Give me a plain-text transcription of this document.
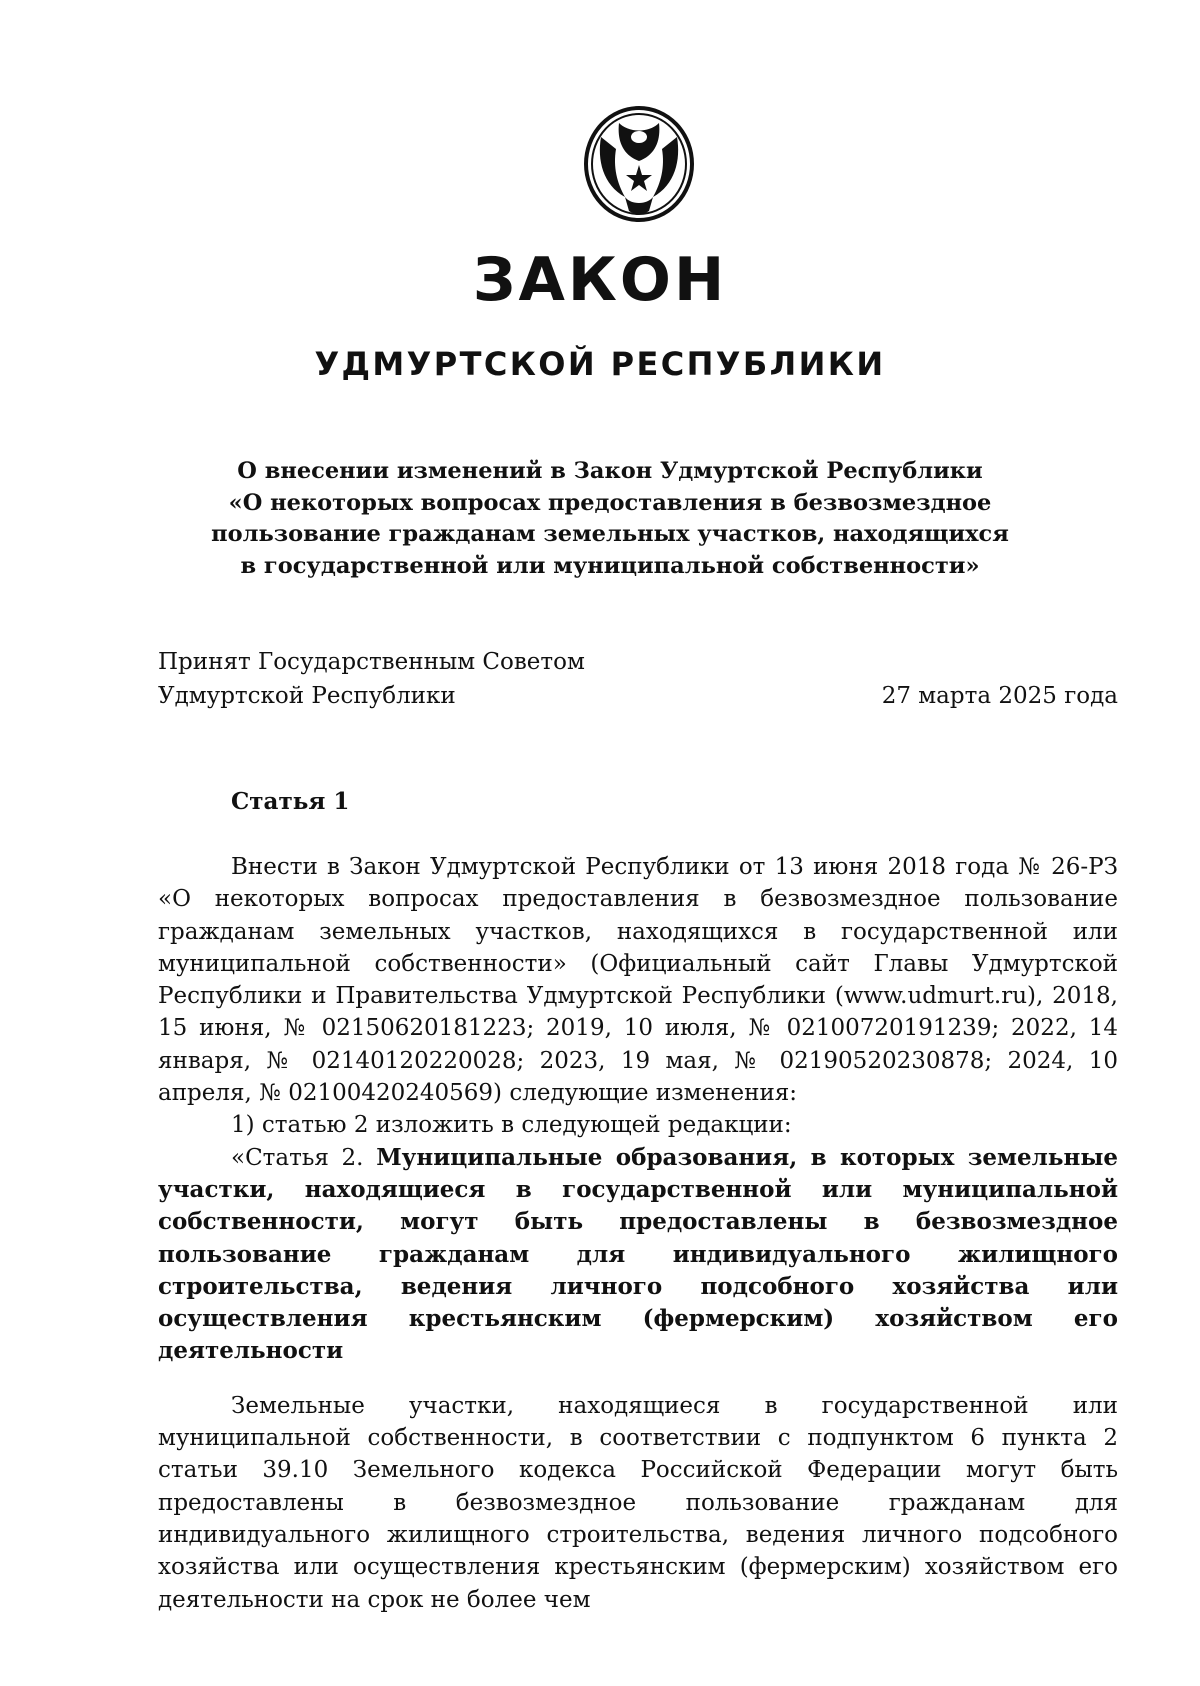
ЗАКОН
УДМУРТСКОЙ РЕСПУБЛИКИ
О внесении изменений в Закон Удмуртской Республики
«О некоторых вопросах предоставления в безвозмездное
пользование гражданам земельных участков, находящихся
в государственной или муниципальной собственности»
Принят Государственным Советом
Удмуртской Республики	27 марта 2025 года
Статья 1

Внести в Закон Удмуртской Республики от 13 июня 2018 года № 26-РЗ «О некоторых вопросах предоставления в безвозмездное пользование гражданам земельных участков, находящихся в государственной или муниципальной собственности» (Официальный сайт Главы Удмуртской Республики и Правительства Удмуртской Республики (www.udmurt.ru), 2018, 15 июня, № 02150620181223; 2019, 10 июля, № 02100720191239; 2022, 14 января, № 02140120220028; 2023, 19 мая, № 02190520230878; 2024, 10 апреля, № 02100420240569) следующие изменения:

1) статью 2 изложить в следующей редакции:

«Статья 2. Муниципальные образования, в которых земельные участки, находящиеся в государственной или муниципальной собственности, могут быть предоставлены в безвозмездное пользование гражданам для индивидуального жилищного строительства, ведения личного подсобного хозяйства или осуществления крестьянским (фермерским) хозяйством его деятельности

Земельные участки, находящиеся в государственной или муниципальной собственности, в соответствии с подпунктом 6 пункта 2 статьи 39.10 Земельного кодекса Российской Федерации могут быть предоставлены в безвозмездное пользование гражданам для индивидуального жилищного строительства, ведения личного подсобного хозяйства или осуществления крестьянским (фермерским) хозяйством его деятельности на срок не более чем
